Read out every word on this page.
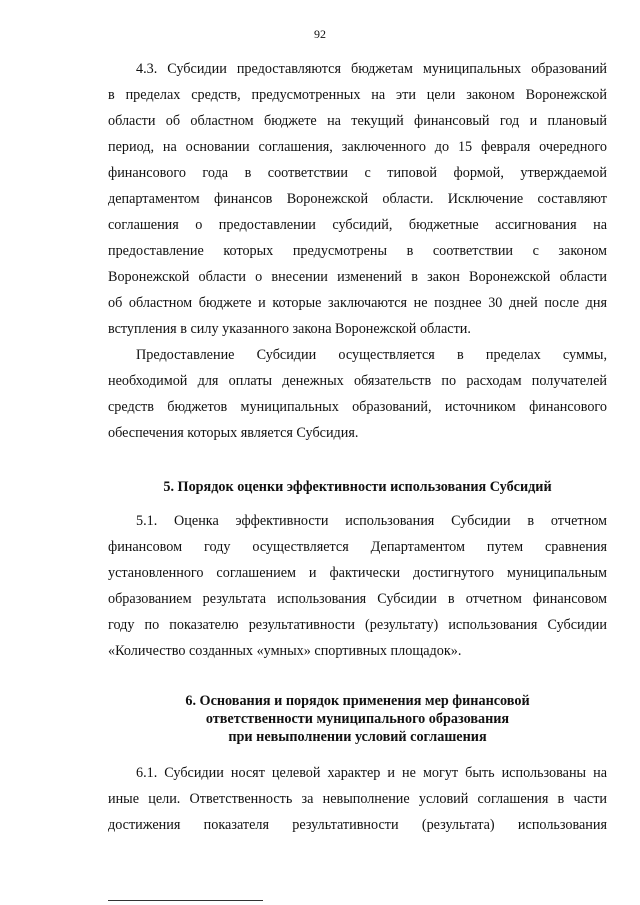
92
4.3. Субсидии предоставляются бюджетам муниципальных образований
в пределах средств, предусмотренных на эти цели законом Воронежской
области об областном бюджете на текущий финансовый год и плановый
период, на основании соглашения, заключенного до 15 февраля очередного
финансового года в соответствии с типовой формой, утверждаемой
департаментом финансов Воронежской области. Исключение составляют
соглашения о предоставлении субсидий, бюджетные ассигнования на
предоставление которых предусмотрены в соответствии с законом
Воронежской области о внесении изменений в закон Воронежской области
об областном бюджете и которые заключаются не позднее 30 дней после дня
вступления в силу указанного закона Воронежской области.
Предоставление Субсидии осуществляется в пределах суммы,
необходимой для оплаты денежных обязательств по расходам получателей
средств бюджетов муниципальных образований, источником финансового
обеспечения которых является Субсидия.
5. Порядок оценки эффективности использования Субсидий
5.1. Оценка эффективности использования Субсидии в отчетном
финансовом году осуществляется Департаментом путем сравнения
установленного соглашением и фактически достигнутого муниципальным
образованием результата использования Субсидии в отчетном финансовом
году по показателю результативности (результату) использования Субсидии
«Количество созданных «умных» спортивных площадок».
6. Основания и порядок применения мер финансовой
ответственности муниципального образования
при невыполнении условий соглашения
6.1. Субсидии носят целевой характер и не могут быть использованы на
иные цели. Ответственность за невыполнение условий соглашения в части
достижения показателя результативности (результата) использования
